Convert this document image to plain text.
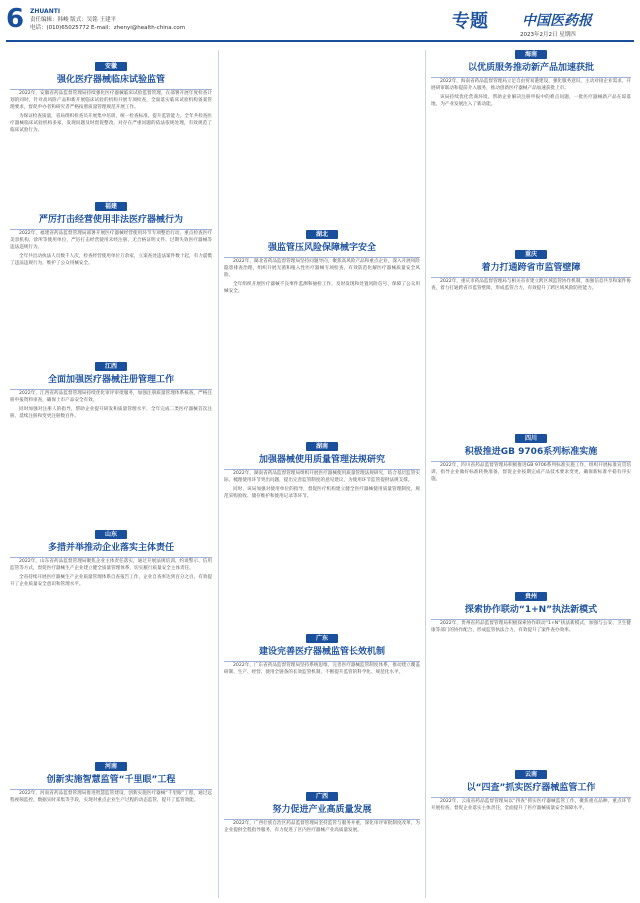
6 ZHUANTI
责任编辑：韩峻 版式：吴铭 王建平
电话：(010)65025772 E-mail：zhenyi@health-china.com	专题 中国医药报
2023年2月2日 星期四
安徽
强化医疗器械临床试验监管

2022年，安徽省药品监督管理局持续强化医疗器械临床试验监督管理，在部署开展年度检查计划的同时，针对高风险产品和新开展临床试验的机构开展专项检查，全面落实临床试验机构备案管理要求，督促申办者和研究者严格按照质量管理规范开展工作。

为保证检查质量，省局组织检查员开展集中培训，统一检查标准，提升监管能力。全年共检查医疗器械临床试验机构多家，发现问题及时督促整改，对存在严重问题的依法依规处理，有效规范了临床试验行为。

福建
严厉打击经营使用非法医疗器械行为

2022年，福建省药品监督管理局部署开展医疗器械经营使用环节专项整治行动，重点检查医疗美容机构、诊所等使用单位，严厉打击经营使用未经注册、无合格证明文件、过期失效医疗器械等违法违规行为。

全年共出动执法人员数千人次，检查经营使用单位万余家，立案查处违法案件数十起，有力震慑了违法违规行为，维护了公众用械安全。

江西
全面加强医疗器械注册管理工作

2022年，江西省药品监督管理局持续优化审评审批服务，加强注册质量管理体系核查，严格注册申报资料审查，确保上市产品安全有效。

同时加强对注册人的指导，帮助企业提升研发和质量管理水平，全年完成二类医疗器械首次注册、延续注册和变更注册数百件。

山东
多措并举推动企业落实主体责任

2022年，山东省药品监督管理局聚焦企业主体责任落实，通过开展法规培训、约谈警示、信用监管等方式，督促医疗器械生产企业建立健全质量管理体系，切实履行质量安全主体责任。

全省持续开展医疗器械生产企业质量管理体系自查报告工作，企业自查率达到百分之百，有效提升了企业质量安全意识和管理水平。

河南
创新实施智慧监管“千里眼”工程

2022年，河南省药品监督管理局推进智慧监管建设，创新实施医疗器械“千里眼”工程，通过远程视频监控、数据实时采集等手段，实现对重点企业生产过程的动态监管，提升了监管效能。

湖北
强监管压风险保障械字安全

2022年，湖北省药品监督管理局坚持问题导向，聚焦高风险产品和重点企业，深入开展风险隐患排查治理，组织开展无菌和植入性医疗器械专项检查，有效防范化解医疗器械质量安全风险。

全年组织开展医疗器械不良事件监测和抽检工作，及时发现和处置风险信号，保障了公众用械安全。

湖南
加强器械使用质量管理法规研究

2022年，湖南省药品监督管理局组织开展医疗器械使用质量管理法规研究，结合基层监管实际，梳理使用环节突出问题，提出完善监管制度的意见建议，为使用环节监管提供法规支撑。

同时，该局加强对使用单位的指导，督促医疗机构建立健全医疗器械使用质量管理制度，规范采购验收、储存维护和使用记录等环节。

广东
建设完善医疗器械监管长效机制

2022年，广东省药品监督管理局坚持系统思维，完善医疗器械监管制度体系，推动建立覆盖研制、生产、经营、使用全链条的长效监管机制，不断提升监管的科学化、规范化水平。

广西
努力促进产业高质量发展

2022年，广西壮族自治区药品监督管理局坚持监管与服务并重，深化审评审批制度改革，为企业提供全程指导服务，有力促进了区内医疗器械产业高质量发展。

海南
以优质服务推动新产品加速获批

2022年，海南省药品监督管理局立足自由贸易港建设，强化服务意识，主动对接企业需求，开展研审联动和提前介入服务，推动创新医疗器械产品加速获批上市。

该局持续优化营商环境，帮助企业解决注册申报中的难点问题，一批医疗器械新产品在琼落地，为产业发展注入了新动能。

重庆
着力打通跨省市监管壁障

2022年，重庆市药品监督管理局与相关省市建立跨区域监管协作机制，加强信息共享和案件协查，着力打通跨省市监管壁障，形成监管合力，有效提升了跨区域风险防控能力。

四川
积极推进GB 9706系列标准实施

2022年，四川省药品监督管理局积极推进GB 9706系列标准实施工作，组织开展标准宣贯培训，指导企业做好标准转换准备，督促企业按期完成产品技术要求变更，确保新标准平稳有序实施。

贵州
探索协作联动“1+N”执法新模式

2022年，贵州省药品监督管理局积极探索协作联动“1+N”执法新模式，加强与公安、卫生健康等部门的协作配合，形成监管执法合力，有效提升了案件查办效率。

云南
以“四查”抓实医疗器械监管工作

2022年，云南省药品监督管理局以“四查”抓实医疗器械监管工作，聚焦重点品种、重点环节开展检查，督促企业落实主体责任，全面提升了医疗器械质量安全保障水平。
